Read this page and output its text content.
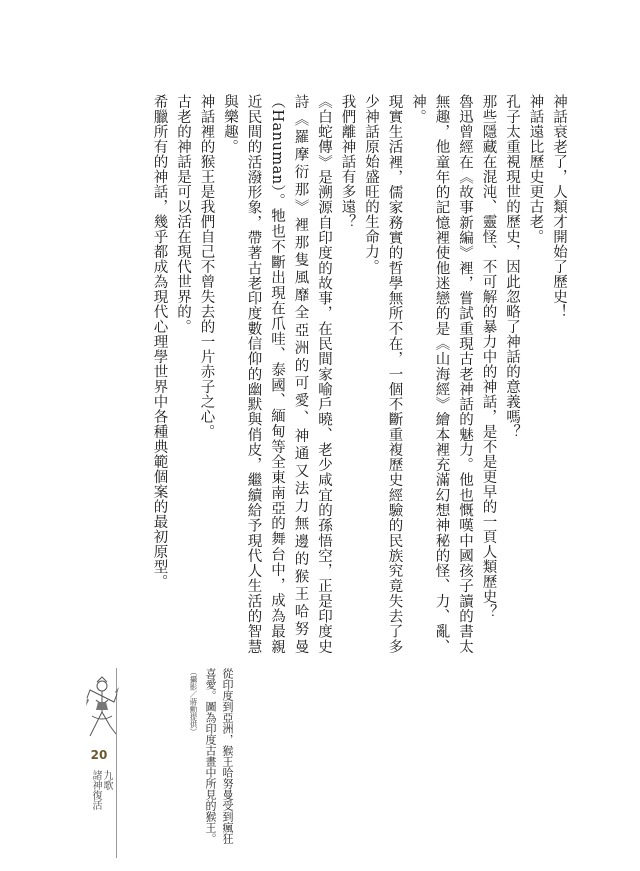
神話衰老了，人類才開始了歷史！

神話遠比歷史更古老。

孔子太重視現世的歷史，因此忽略了神話的意義嗎？

那些隱藏在混沌、靈怪、不可解的暴力中的神話，是不是更早的一頁人類歷史？

魯迅曾經在《故事新編》裡，嘗試重現古老神話的魅力。他也慨嘆中國孩子讀的書太無趣，他童年的記憶裡使他迷戀的是《山海經》繪本裡充滿幻想神秘的怪、力、亂、神。

現實生活裡，儒家務實的哲學無所不在，一個不斷重複歷史經驗的民族究竟失去了多少神話原始盛旺的生命力。

我們離神話有多遠？

《白蛇傳》是溯源自印度的故事，在民間家喻戶曉、老少咸宜的孫悟空，正是印度史詩《羅摩衍那》裡那隻風靡全亞洲的可愛、神通又法力無邊的猴王哈努曼（Hanuman）。牠也不斷出現在爪哇、泰國、緬甸等全東南亞的舞台中，成為最親近民間的活潑形象，帶著古老印度數信仰的幽默與俏皮，繼續給予現代人生活的智慧與樂趣。

神話裡的猴王是我們自己不曾失去的一片赤子之心。

古老的神話是可以活在現代世界的。

希臘所有的神話，幾乎都成為現代心理學世界中各種典範個案的最初原型。

從印度到亞洲，猴王哈努曼受到瘋狂喜愛。圖為印度古畫中所見的猴王。（攝影／蔣勳提供）
20
九歌
諸神復活
